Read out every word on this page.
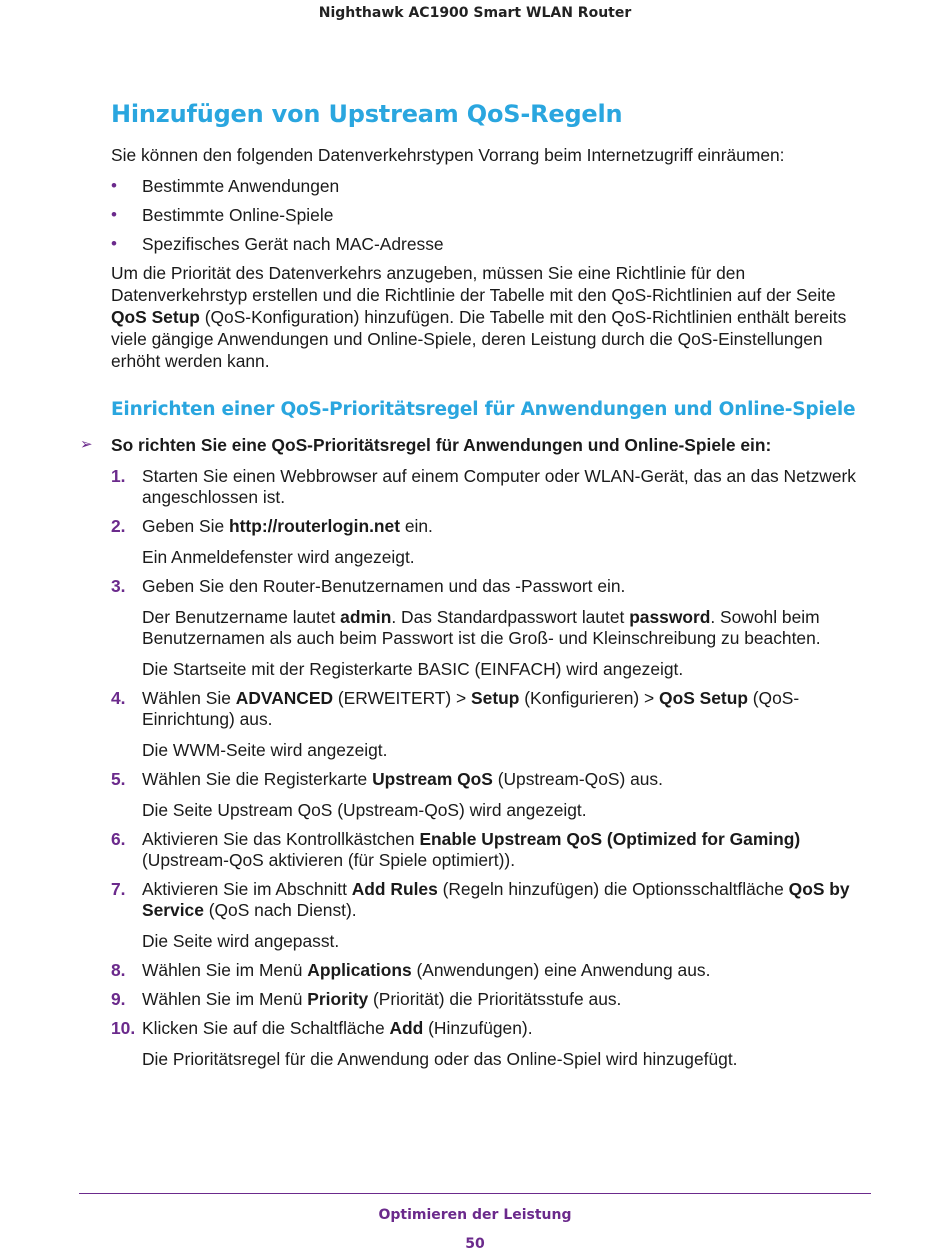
Nighthawk AC1900 Smart WLAN Router
Hinzufügen von Upstream QoS-Regeln

Sie können den folgenden Datenverkehrstypen Vorrang beim Internetzugriff einräumen:

• Bestimmte Anwendungen
• Bestimmte Online-Spiele
• Spezifisches Gerät nach MAC-Adresse

Um die Priorität des Datenverkehrs anzugeben, müssen Sie eine Richtlinie für den Datenverkehrstyp erstellen und die Richtlinie der Tabelle mit den QoS-Richtlinien auf der Seite QoS Setup (QoS-Konfiguration) hinzufügen. Die Tabelle mit den QoS-Richtlinien enthält bereits viele gängige Anwendungen und Online-Spiele, deren Leistung durch die QoS-Einstellungen erhöht werden kann.

Einrichten einer QoS-Prioritätsregel für Anwendungen und Online-Spiele
➢ So richten Sie eine QoS-Prioritätsregel für Anwendungen und Online-Spiele ein:
1. Starten Sie einen Webbrowser auf einem Computer oder WLAN-Gerät, das an das Netzwerk angeschlossen ist.
2. Geben Sie http://routerlogin.net ein.
Ein Anmeldefenster wird angezeigt.
3. Geben Sie den Router-Benutzernamen und das -Passwort ein.
Der Benutzername lautet admin. Das Standardpasswort lautet password. Sowohl beim Benutzernamen als auch beim Passwort ist die Groß- und Kleinschreibung zu beachten.
Die Startseite mit der Registerkarte BASIC (EINFACH) wird angezeigt.
4. Wählen Sie ADVANCED (ERWEITERT) > Setup (Konfigurieren) > QoS Setup (QoS-Einrichtung) aus.
Die WWM-Seite wird angezeigt.
5. Wählen Sie die Registerkarte Upstream QoS (Upstream-QoS) aus.
Die Seite Upstream QoS (Upstream-QoS) wird angezeigt.
6. Aktivieren Sie das Kontrollkästchen Enable Upstream QoS (Optimized for Gaming) (Upstream-QoS aktivieren (für Spiele optimiert)).
7. Aktivieren Sie im Abschnitt Add Rules (Regeln hinzufügen) die Optionsschaltfläche QoS by Service (QoS nach Dienst).
Die Seite wird angepasst.
8. Wählen Sie im Menü Applications (Anwendungen) eine Anwendung aus.
9. Wählen Sie im Menü Priority (Priorität) die Prioritätsstufe aus.
10. Klicken Sie auf die Schaltfläche Add (Hinzufügen).
Die Prioritätsregel für die Anwendung oder das Online-Spiel wird hinzugefügt.
Optimieren der Leistung
50
